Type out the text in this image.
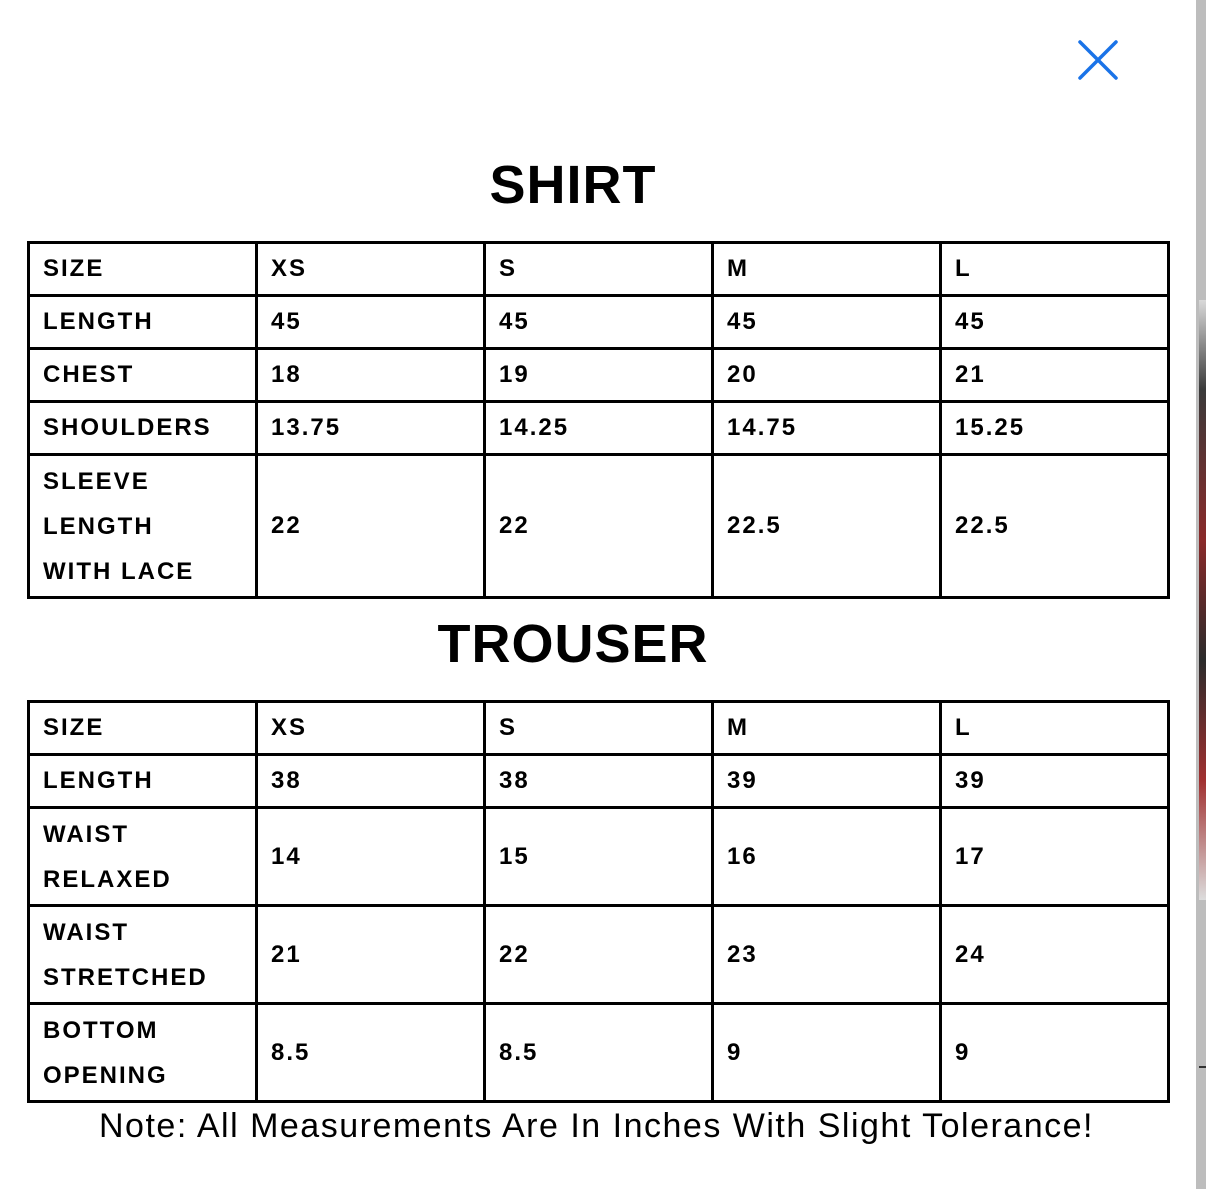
SHIRT
SIZE	XS	S	M	L
LENGTH	45	45	45	45
CHEST	18	19	20	21
SHOULDERS	13.75	14.25	14.75	15.25
SLEEVE
LENGTH
WITH LACE	22	22	22.5	22.5
TROUSER
SIZE	XS	S	M	L
LENGTH	38	38	39	39
WAIST
RELAXED	14	15	16	17
WAIST
STRETCHED	21	22	23	24
BOTTOM
OPENING	8.5	8.5	9	9
Note: All Measurements Are In Inches With Slight Tolerance!
